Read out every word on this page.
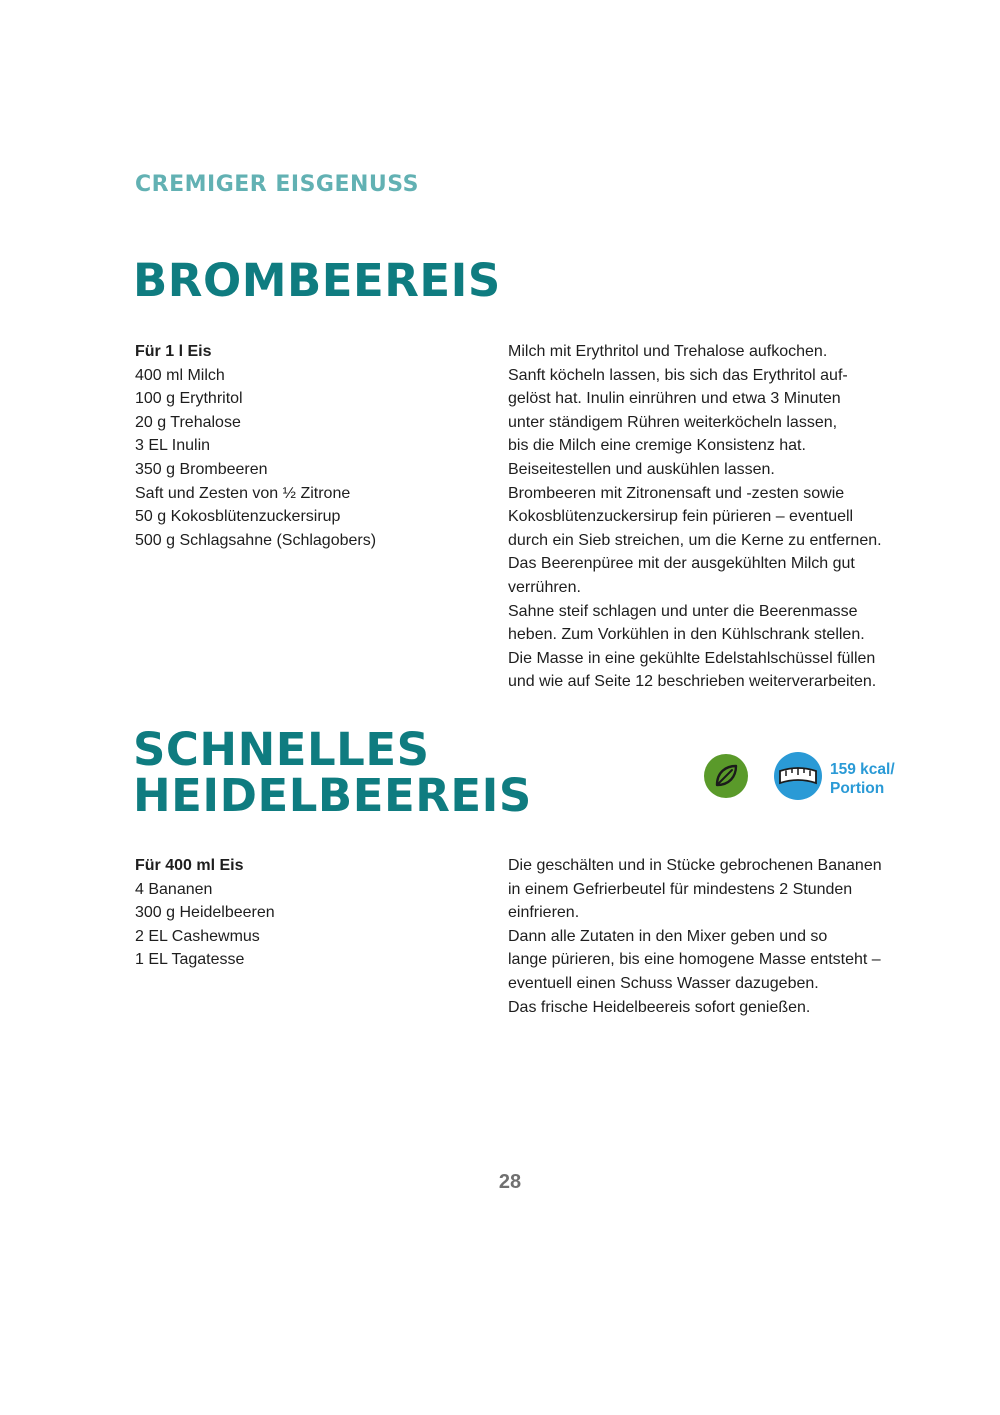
CREMIGER EISGENUSS
BROMBEEREIS
Für 1 l Eis
400 ml Milch
100 g Erythritol
20 g Trehalose
3 EL Inulin
350 g Brombeeren
Saft und Zesten von ½ Zitrone
50 g Kokosblütenzuckersirup
500 g Schlagsahne (Schlagobers)
Milch mit Erythritol und Trehalose aufkochen.
Sanft köcheln lassen, bis sich das Erythritol auf-
gelöst hat. Inulin einrühren und etwa 3 Minuten
unter ständigem Rühren weiterköcheln lassen,
bis die Milch eine cremige Konsistenz hat.
Beiseitestellen und auskühlen lassen.
Brombeeren mit Zitronensaft und -zesten sowie
Kokosblütenzuckersirup fein pürieren – eventuell
durch ein Sieb streichen, um die Kerne zu entfernen.
Das Beerenpüree mit der ausgekühlten Milch gut
verrühren.
Sahne steif schlagen und unter die Beerenmasse
heben. Zum Vorkühlen in den Kühlschrank stellen.
Die Masse in eine gekühlte Edelstahlschüssel füllen
und wie auf Seite 12 beschrieben weiterverarbeiten.
SCHNELLES
HEIDELBEEREIS	159 kcal/
Portion
Für 400 ml Eis
4 Bananen
300 g Heidelbeeren
2 EL Cashewmus
1 EL Tagatesse
Die geschälten und in Stücke gebrochenen Bananen
in einem Gefrierbeutel für mindestens 2 Stunden
einfrieren.
Dann alle Zutaten in den Mixer geben und so
lange pürieren, bis eine homogene Masse entsteht –
eventuell einen Schuss Wasser dazugeben.
Das frische Heidelbeereis sofort genießen.
28
